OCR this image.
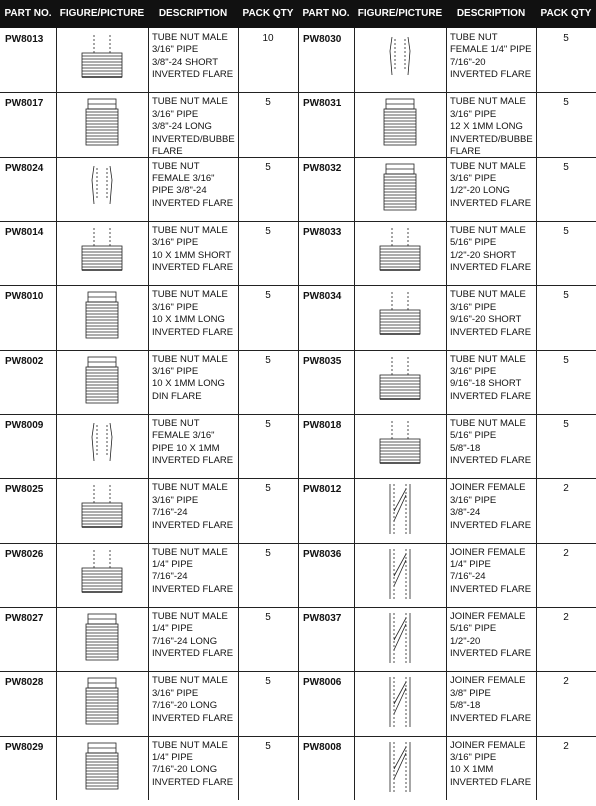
PART NO. FIGURE/PICTURE	DESCRIPTION	PACK QTY PART NO. FIGURE/PICTURE	DESCRIPTION	PACK QTY
PW8013	TUBE NUT MALE
3/16" PIPE
3/8"-24 SHORT
INVERTED FLARE
10
PW8017	TUBE NUT MALE
3/16" PIPE
3/8"-24 LONG
INVERTED/BUBBE
FLARE
5
PW8024	TUBE NUT
FEMALE 3/16"
PIPE 3/8"-24
INVERTED FLARE
5
PW8014	TUBE NUT MALE
3/16" PIPE
10 X 1MM SHORT
INVERTED FLARE
5
PW8010	TUBE NUT MALE
3/16" PIPE
10 X 1MM LONG
INVERTED FLARE
5
PW8002	TUBE NUT MALE
3/16" PIPE
10 X 1MM LONG
DIN FLARE
5
PW8009	TUBE NUT
FEMALE 3/16"
PIPE 10 X 1MM
INVERTED FLARE
5
PW8025	TUBE NUT MALE
3/16" PIPE
7/16"-24
INVERTED FLARE
5
PW8026	TUBE NUT MALE
1/4" PIPE
7/16"-24
INVERTED FLARE
5
PW8027	TUBE NUT MALE
1/4" PIPE
7/16"-24 LONG
INVERTED FLARE
5
PW8028	TUBE NUT MALE
3/16" PIPE
7/16"-20 LONG
INVERTED FLARE
5
PW8029	TUBE NUT MALE
1/4" PIPE
7/16"-20 LONG
INVERTED FLARE
5
PW8030	TUBE NUT
FEMALE 1/4" PIPE
7/16"-20
INVERTED FLARE
5
PW8031	TUBE NUT MALE
3/16" PIPE
12 X 1MM LONG
INVERTED/BUBBE
FLARE
5
PW8032	TUBE NUT MALE
3/16" PIPE
1/2"-20 LONG
INVERTED FLARE
5
PW8033	TUBE NUT MALE
5/16" PIPE
1/2"-20 SHORT
INVERTED FLARE
5
PW8034	TUBE NUT MALE
3/16" PIPE
9/16"-20 SHORT
INVERTED FLARE
5
PW8035	TUBE NUT MALE
3/16" PIPE
9/16"-18 SHORT
INVERTED FLARE
5
PW8018	TUBE NUT MALE
5/16" PIPE
5/8"-18
INVERTED FLARE
5
PW8012	JOINER FEMALE
3/16" PIPE
3/8"-24
INVERTED FLARE
2
PW8036	JOINER FEMALE
1/4" PIPE
7/16"-24
INVERTED FLARE
2
PW8037	JOINER FEMALE
5/16" PIPE
1/2"-20
INVERTED FLARE
2
PW8006	JOINER FEMALE
3/8" PIPE
5/8"-18
INVERTED FLARE
2
PW8008	JOINER FEMALE
3/16" PIPE
10 X 1MM
INVERTED FLARE
2
